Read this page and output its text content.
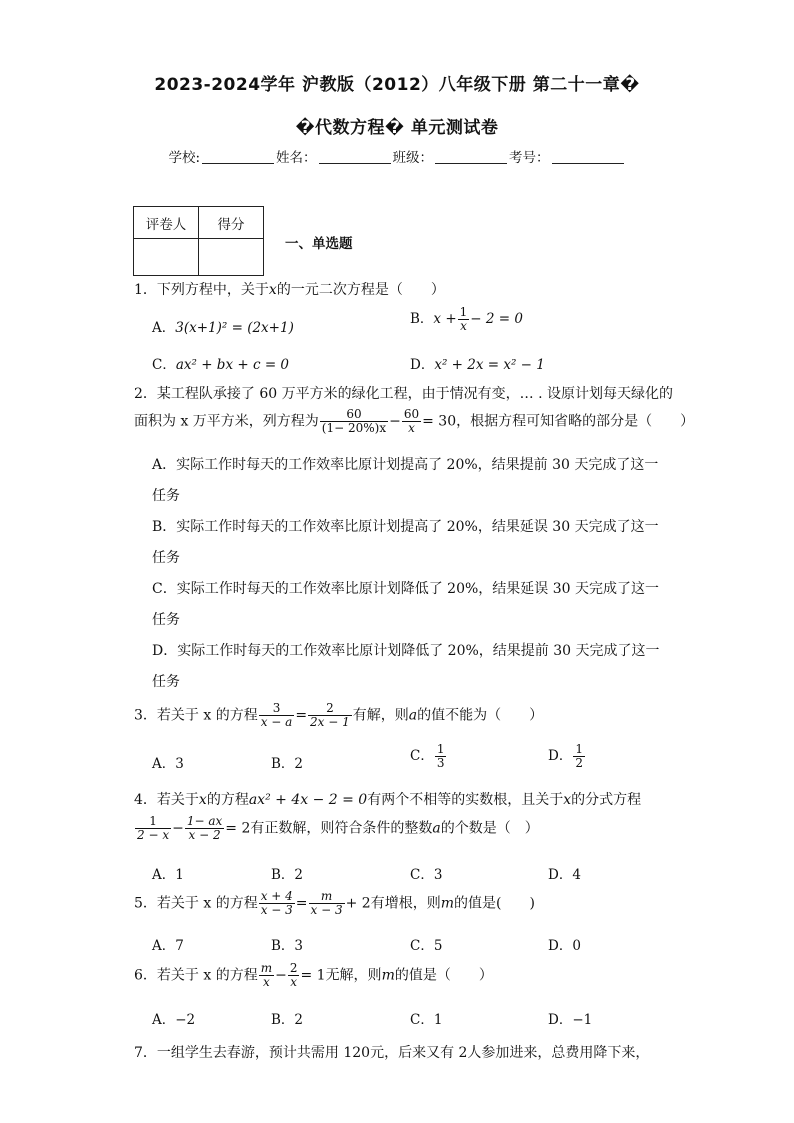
2023-2024学年 沪教版（2012）八年级下册 第二十一章�
�代数方程� 单元测试卷
学校:	姓名：	班级：	考号：
评卷人	得分

一、单选题
1．下列方程中，关于x的一元二次方程是（　　）
A．3(x+1)² = (2x+1)
B．$x + \frac{1}{x} - 2 = 0$
C．ax² + bx + c = 0	D．x² + 2x = x² − 1
2．某工程队承接了 60 万平方米的绿化工程，由于情况有变，… . 设原计划每天绿化的
面积为 x 万平方米，列方程为 $\frac{60}{(1- 20\%)x} - \frac{60}{x} = 30$，根据方程可知省略的部分是（　　）
A．实际工作时每天的工作效率比原计划提高了 20%，结果提前 30 天完成了这一任务
B．实际工作时每天的工作效率比原计划提高了 20%，结果延误 30 天完成了这一任务
C．实际工作时每天的工作效率比原计划降低了 20%，结果延误 30 天完成了这一任务
D．实际工作时每天的工作效率比原计划降低了 20%，结果提前 30 天完成了这一任务
3．若关于 x 的方程 $\frac{3}{x - a} = \frac{2}{2x - 1}$ 有解，则a的值不能为（　　）
A．3	B．2	C． $\frac{1}{3}$	D． $\frac{1}{2}$
4．若关于x的方程ax² + 4x − 2 = 0有两个不相等的实数根，且关于x的分式方程
$\frac{1}{2 - x} - \frac{1- ax}{x - 2} = 2$有正数解，则符合条件的整数a的个数是（　）
A．1	B．2	C．3	D．4
5．若关于 x 的方程 $\frac{x + 4}{x - 3} = \frac{m}{x - 3} + 2$有增根，则m的值是(　　)
A．7	B．3	C．5	D．0
6．若关于 x 的方程 $\frac{m}{x} - \frac{2}{x} = 1$无解，则m的值是（　　）
A．−2	B．2	C．1	D．−1
7．一组学生去春游，预计共需用 120元，后来又有 2人参加进来，总费用降下来，
